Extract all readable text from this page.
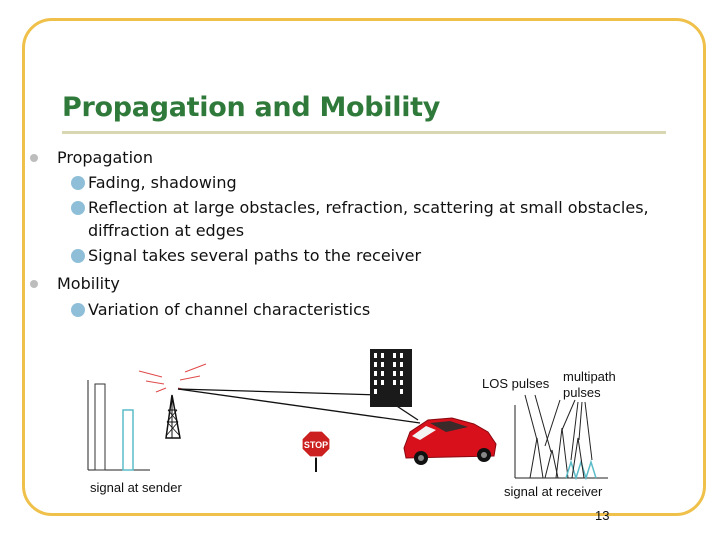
Propagation and Mobility
Propagation
Fading, shadowing
Reflection at large obstacles, refraction, scattering at small obstacles,
diffraction at edges
Signal takes several paths to the receiver
Mobility
Variation of channel characteristics
signal at sender
STOP
LOS pulses multipath
pulses
signal at receiver
13
